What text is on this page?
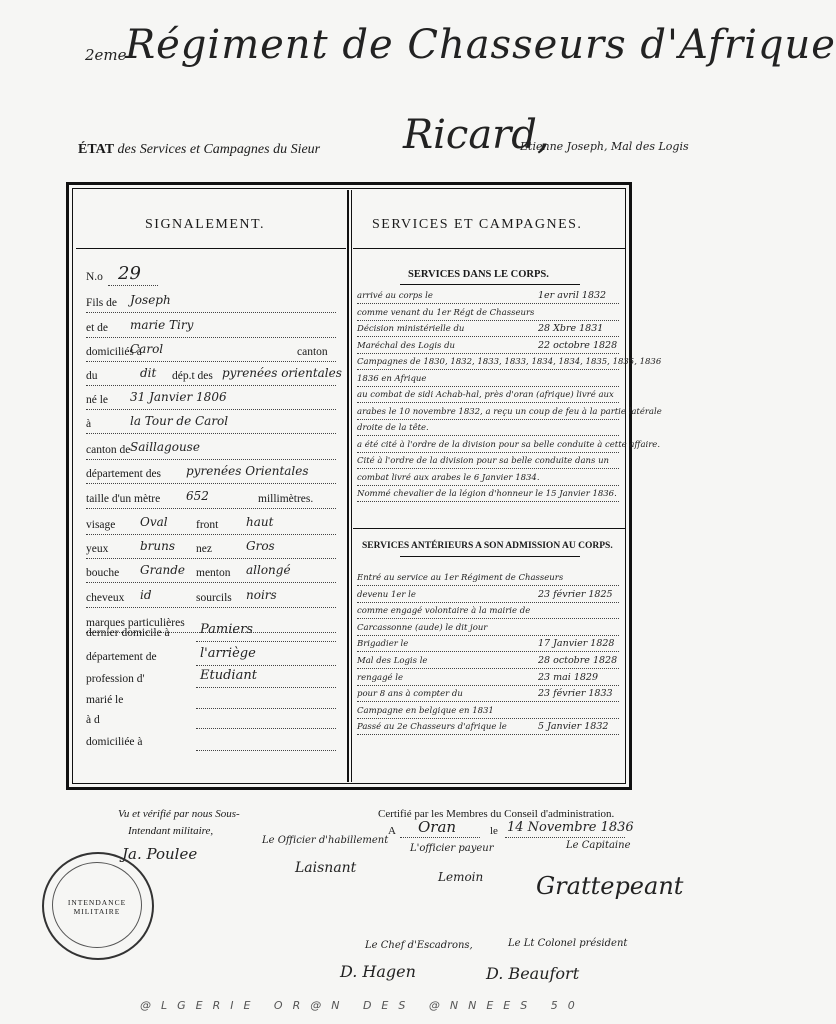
2eme
Régiment de Chasseurs d'Afrique
ÉTAT des Services et Campagnes du Sieur Ricard,
Etienne Joseph, Mal des Logis
SIGNALEMENT.
N.o 29
Fils de Joseph
et de marie Tiry
domiciliés à
Carol	canton
du	dit dép.t des pyrenées orientales
né le 31 Janvier 1806
à	la Tour de Carol
canton de Saillagouse
département des pyrenées Orientales
taille d'un mètre 652	millimètres.
visage Oval front haut
yeux	bruns nez	Gros
bouche Grande menton allongé
cheveux id	sourcils noirs
marques particulières
dernier domicile à Pamiers
département de	l'arriège
profession d'	Etudiant
marié le
à d
domiciliée à
SERVICES ET CAMPAGNES.
SERVICES DANS LE CORPS.
arrivé au corps le	1er avril 1832
comme venant du 1er Régt de Chasseurs
Décision ministérielle du	28 Xbre 1831
Maréchal des Logis du	22 octobre 1828
Campagnes de 1830, 1832, 1833, 1833, 1834, 1834, 1835, 1835, 1836
1836 en Afrique
au combat de sidi Achab-hal, près d'oran (afrique) livré aux
arabes le 10 novembre 1832, a reçu un coup de feu à la partie latérale
droite de la tête.
a été cité à l'ordre de la division pour sa belle conduite à cette affaire.
Cité à l'ordre de la division pour sa belle conduite dans un
combat livré aux arabes le 6 Janvier 1834.
Nommé chevalier de la légion d'honneur le 15 Janvier 1836.
SERVICES ANTÉRIEURS A SON ADMISSION AU CORPS.
Entré au service au 1er Régiment de Chasseurs
devenu 1er le	23 février 1825
comme engagé volontaire à la mairie de
Carcassonne (aude) le dit jour
Brigadier le	17 Janvier 1828
Mal des Logis le	28 octobre 1828
rengagé le	23 mai 1829
pour 8 ans à compter du	23 février 1833
Campagne en belgique en 1831
Passé au 2e Chasseurs d'afrique le	5 Janvier 1832
Vu et vérifié par nous Sous-
Intendant militaire,
Certifié par les Membres du Conseil d'administration.
A Oran	le 14 Novembre 1836
Ja. Poulee
INTENDANCE MILITAIRE
Le Officier d'habillement
Laisnant
L'officier payeur
Lemoin
Le Capitaine
Grattepeant
Le Chef d'Escadrons,
D. Hagen
Le Lt Colonel président
D. Beaufort
@LGERIE OR@N DES @NNEES 50
